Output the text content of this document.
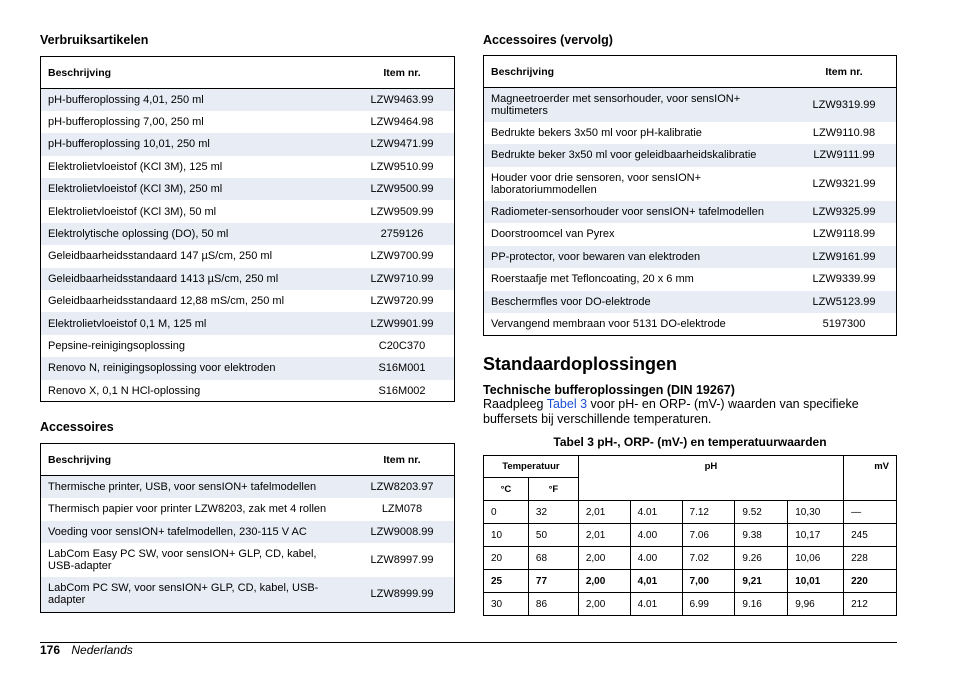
Verbruiksartikelen
Beschrijving	Item nr.
pH-bufferoplossing 4,01, 250 ml	LZW9463.99
pH-bufferoplossing 7,00, 250 ml	LZW9464.98
pH-bufferoplossing 10,01, 250 ml	LZW9471.99
Elektrolietvloeistof (KCl 3M), 125 ml	LZW9510.99
Elektrolietvloeistof (KCl 3M), 250 ml	LZW9500.99
Elektrolietvloeistof (KCl 3M), 50 ml	LZW9509.99
Elektrolytische oplossing (DO), 50 ml	2759126
Geleidbaarheidsstandaard 147 µS/cm, 250 ml	LZW9700.99
Geleidbaarheidsstandaard 1413 µS/cm, 250 ml	LZW9710.99
Geleidbaarheidsstandaard 12,88 mS/cm, 250 ml	LZW9720.99
Elektrolietvloeistof 0,1 M, 125 ml	LZW9901.99
Pepsine-reinigingsoplossing	C20C370
Renovo N, reinigingsoplossing voor elektroden	S16M001
Renovo X, 0,1 N HCl-oplossing	S16M002
Accessoires
Beschrijving	Item nr.
Thermische printer, USB, voor sensION+ tafelmodellen	LZW8203.97
Thermisch papier voor printer LZW8203, zak met 4 rollen	LZM078
Voeding voor sensION+ tafelmodellen, 230-115 V AC	LZW9008.99
LabCom Easy PC SW, voor sensION+ GLP, CD, kabel, USB-adapter	LZW8997.99
LabCom PC SW, voor sensION+ GLP, CD, kabel, USB-adapter	LZW8999.99
Accessoires (vervolg)
Beschrijving	Item nr.
Magneetroerder met sensorhouder, voor sensION+ multimeters	LZW9319.99
Bedrukte bekers 3x50 ml voor pH-kalibratie	LZW9110.98
Bedrukte beker 3x50 ml voor geleidbaarheidskalibratie	LZW9111.99
Houder voor drie sensoren, voor sensION+ laboratoriummodellen	LZW9321.99
Radiometer-sensorhouder voor sensION+ tafelmodellen	LZW9325.99
Doorstroomcel van Pyrex	LZW9118.99
PP-protector, voor bewaren van elektroden	LZW9161.99
Roerstaafje met Tefloncoating, 20 x 6 mm	LZW9339.99
Beschermfles voor DO-elektrode	LZW5123.99
Vervangend membraan voor 5131 DO-elektrode	5197300
Standaardoplossingen
Technische bufferoplossingen (DIN 19267)
Raadpleeg Tabel 3 voor pH- en ORP- (mV-) waarden van specifieke buffersets bij verschillende temperaturen.
Tabel 3 pH-, ORP- (mV-) en temperatuurwaarden
Temperatuur		pH					mV
°C	°F						
0	32	2,01	4.01	7.12	9.52	10,30	—
10	50	2,01	4.00	7.06	9.38	10,17	245
20	68	2,00	4.00	7.02	9.26	10,06	228
25	77	2,00	4,01	7,00	9,21	10,01	220
30	86	2,00	4.01	6.99	9.16	9,96	212
176 Nederlands
